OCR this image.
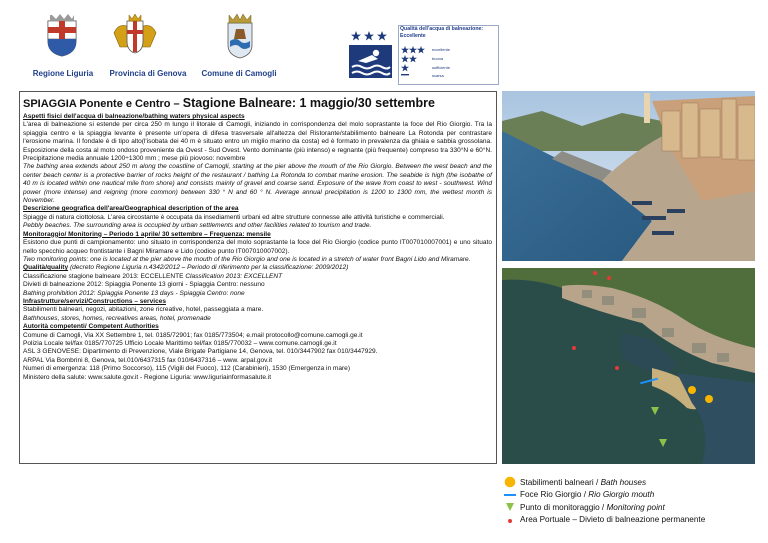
Regione Liguria	Provincia di Genova	Comune di Camogli
Qualità dell'acqua di balneazione:
Eccellente
eccellente
buona
sufficiente
scarsa
SPIAGGIA Ponente e Centro – Stagione Balneare: 1 maggio/30 settembre

Aspetti fisici dell'acqua di balneazione/bathing waters physical aspects

L'area di balneazione si estende per circa 250 m lungo il litorale di Camogli, iniziando in corrispondenza del molo soprastante la foce del Rio Giorgio. Tra la spiaggia centro e la spiaggia levante è presente un'opera di difesa trasversale all'altezza del Ristorante/stabilimento balneare La Rotonda per contrastare l'erosione marina. Il fondale è di tipo alto(l'isobata dei 40 m è situato entro un miglio marino da costa) ed è formato in prevalenza da ghiaia e sabbia grossolana. Esposizione della costa al moto ondoso proveniente da Ovest - Sud Ovest. Vento dominante (più intenso) e regnante (più frequente) compreso tra 330°N e 60°N. Precipitazione media annuale 1200÷1300 mm ; mese più piovoso: novembre

The bathing area extends about 250 m along the coastline of Camogli, starting at the pier above the mouth of the Rio Giorgio. Between the west beach and the center beach center is a protective barrier of rocks height of the restaurant / bathing La Rotonda to combat marine erosion. The seabide is high (the isobathe of 40 m is located within one nautical mile from shore) and consists mainly of gravel and coarse sand. Exposure of the wave from coast to west - southwest. Wind power (more intense) and reigning (more common) between 330 ° N and 60 ° N. Average annual precipitation is 1200 to 1300 mm, the wettest month is November.

Descrizione geografica dell'area/Geographical description of the area

Spiagge di natura ciottolosa. L'area circostante è occupata da insediamenti urbani ed altre strutture connesse alle attività turistiche e commerciali.

Pebbly beaches. The surrounding area is occupied by urban settlements and other facilities related to tourism and trade.

Monitoraggio/ Monitoring – Periodo 1 aprile/ 30 settembre – Frequenza: mensile

Esistono due punti di campionamento: uno situato in corrispondenza del molo soprastante la foce del Rio Giorgio (codice punto IT007010007001) e uno situato nello specchio acqueo frontistante i Bagni Miramare e Lido (codice punto IT007010007002).

Two monitoring points: one is located at the pier above the mouth of the Rio Giorgio and one is located in a stretch of water front Bagni Lido and Miramare.

Qualità/quality (decreto Regione Liguria n.4342/2012 – Periodo di riferimento per la classificazione: 2009/2012)

Classificazione stagione balneare 2013: ECCELLENTE Classification 2013: EXCELLENT

Divieti di balneazione 2012: Spiaggia Ponente 13 giorni - Spiaggia Centro: nessuno

Bathing prohibition 2012: Spiaggia Ponente 13 days - Spiaggia Centro: none

Infrastrutture/servizi/Constructions – services

Stabilimenti balneari, negozi, abitazioni, zone ricreative, hotel, passeggiata a mare.

Bathhouses, stores, homes, recreatives areas, hotel, promenade

Autorità competenti/ Competent Authorities

Comune di Camogli, Via XX Settembre 1, tel. 0185/72901; fax 0185/773504; e.mail protocollo@comune.camogli.ge.it

Polizia Locale tel/fax 0185/770725 Ufficio Locale Marittimo tel/fax 0185/770032 – www.comune.camogli.ge.it

ASL 3 GENOVESE: Dipartimento di Prevenzione, Viale Brigate Partigiane 14, Genova, tel. 010/3447902 fax 010/3447929.

ARPAL Via Bombrini 8, Genova, tel.010/6437315 fax 010/6437316 – www. arpal.gov.it

Numeri di emergenza: 118 (Primo Soccorso), 115 (Vigili del Fuoco), 112 (Carabinieri), 1530 (Emergenza in mare)

Ministero della salute: www.salute.gov.it - Regione Liguria: www.liguriainformasalute.it

Stabilimenti balneari /
Bath houses
Foce Rio Giorgio /
Rio Giorgio mouth
Punto di monitoraggio /
Monitoring point
Area Portuale – Divieto di balneazione permanente
